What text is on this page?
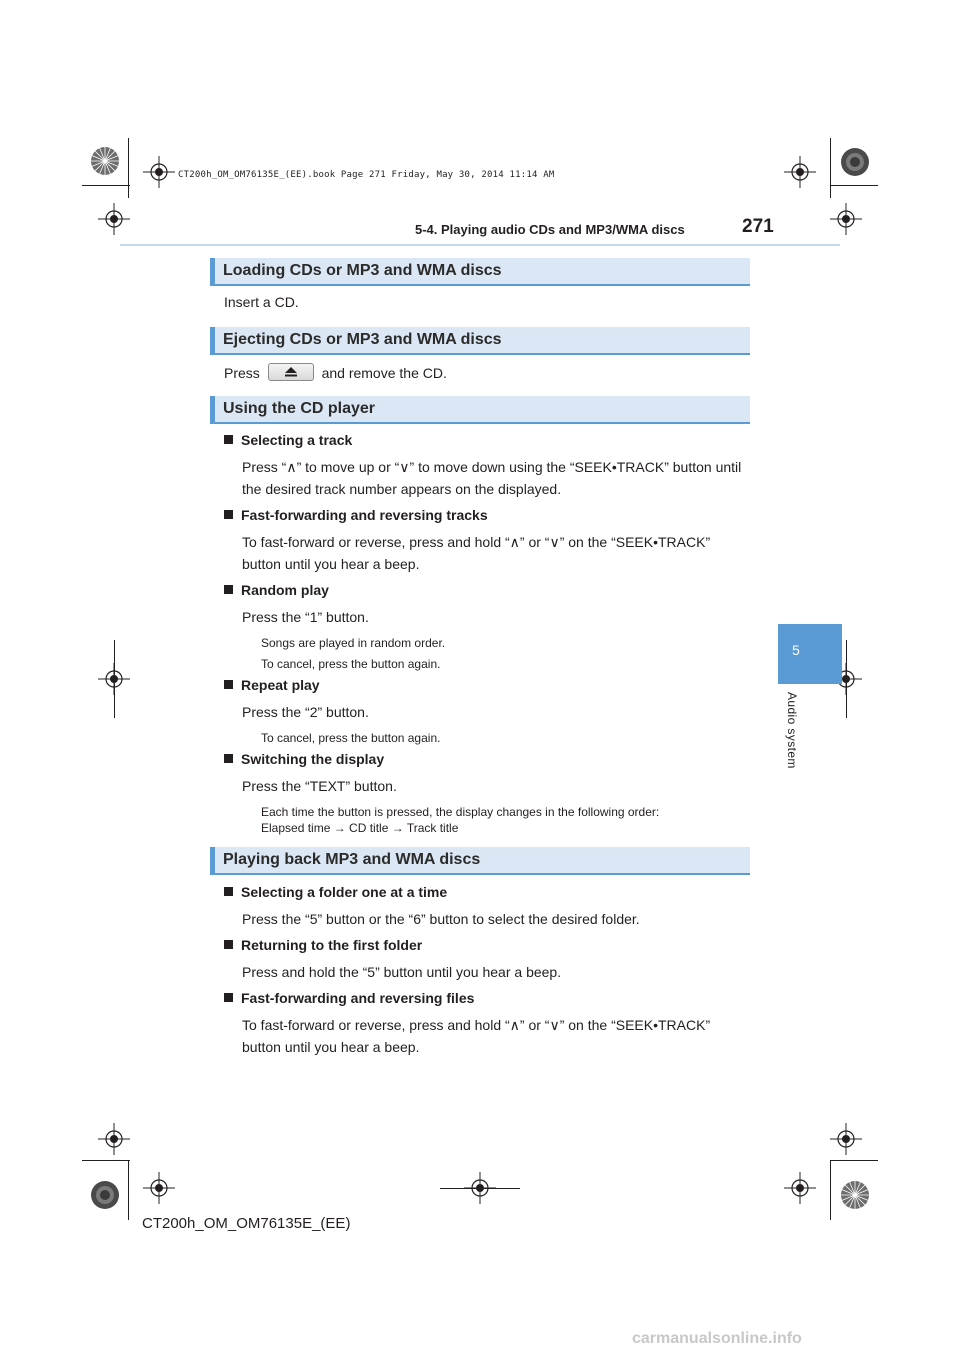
CT200h_OM_OM76135E_(EE).book Page 271 Friday, May 30, 2014 11:14 AM
5-4. Playing audio CDs and MP3/WMA discs	271
5
Audio system
Loading CDs or MP3 and WMA discs
Insert a CD.
Ejecting CDs or MP3 and WMA discs
Press	and remove the CD.
Using the CD player
Selecting a track
Press “∧” to move up or “∨” to move down using the “SEEK•TRACK” button until the desired track number appears on the displayed.
Fast-forwarding and reversing tracks
To fast-forward or reverse, press and hold “∧” or “∨” on the “SEEK•TRACK” button until you hear a beep.
Random play
Press the “1” button.
Songs are played in random order.
To cancel, press the button again.
Repeat play
Press the “2” button.
To cancel, press the button again.
Switching the display
Press the “TEXT” button.
Each time the button is pressed, the display changes in the following order:
Elapsed time → CD title → Track title
Playing back MP3 and WMA discs
Selecting a folder one at a time
Press the “5” button or the “6” button to select the desired folder.
Returning to the first folder
Press and hold the “5” button until you hear a beep.
Fast-forwarding and reversing files
To fast-forward or reverse, press and hold “∧” or “∨” on the “SEEK•TRACK” button until you hear a beep.
CT200h_OM_OM76135E_(EE)
carmanualsonline.info
